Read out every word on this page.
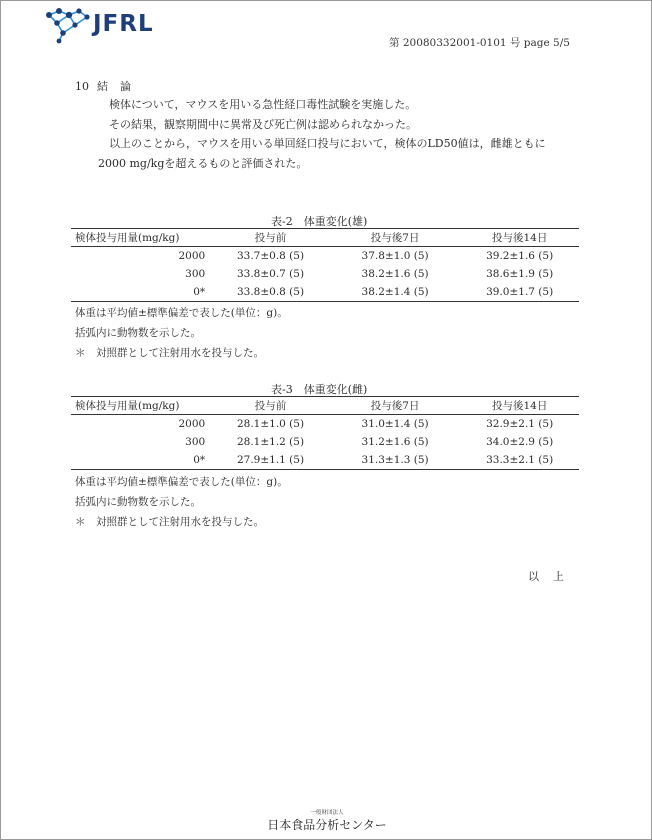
JFRL
第 20080332001-0101 号 page 5/5
10 結論
検体について，マウスを用いる急性経口毒性試験を実施した。
その結果，観察期間中に異常及び死亡例は認められなかった。
以上のことから，マウスを用いる単回経口投与において，検体のLD50値は，雌雄ともに
2000 mg/kgを超えるものと評価された。
表-2　体重変化(雄)
検体投与用量(mg/kg)	投与前	投与後7日	投与後14日
2000	33.7±0.8 (5)	37.8±1.0 (5)	39.2±1.6 (5)
300	33.8±0.7 (5)	38.2±1.6 (5)	38.6±1.9 (5)
0*	33.8±0.8 (5)	38.2±1.4 (5)	39.0±1.7 (5)
体重は平均値±標準偏差で表した(単位：g)。
括弧内に動物数を示した。
＊　対照群として注射用水を投与した。
表-3　体重変化(雌)
検体投与用量(mg/kg)	投与前	投与後7日	投与後14日
2000	28.1±1.0 (5)	31.0±1.4 (5)	32.9±2.1 (5)
300	28.1±1.2 (5)	31.2±1.6 (5)	34.0±2.9 (5)
0*	27.9±1.1 (5)	31.3±1.3 (5)	33.3±2.1 (5)
体重は平均値±標準偏差で表した(単位：g)。
括弧内に動物数を示した。
＊　対照群として注射用水を投与した。
以上
一般財団法人
日本食品分析センター
